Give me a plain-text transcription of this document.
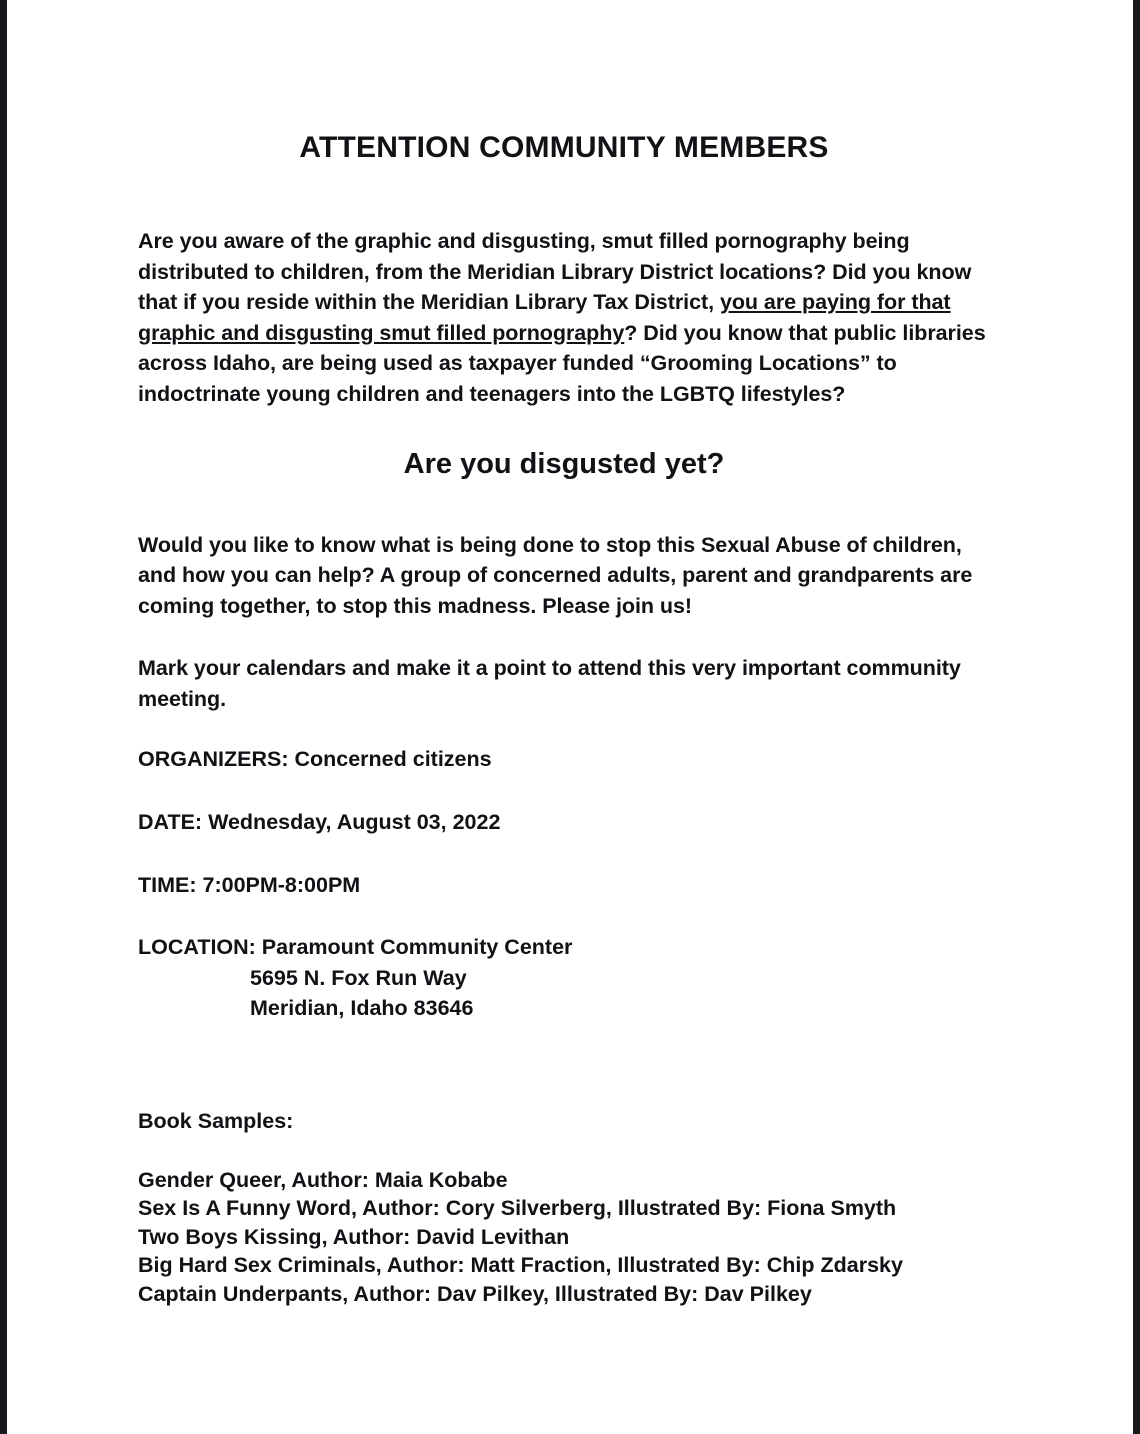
ATTENTION COMMUNITY MEMBERS

Are you aware of the graphic and disgusting, smut filled pornography being distributed to children, from the Meridian Library District locations? Did you know that if you reside within the Meridian Library Tax District, you are paying for that graphic and disgusting smut filled pornography? Did you know that public libraries across Idaho, are being used as taxpayer funded “Grooming Locations” to indoctrinate young children and teenagers into the LGBTQ lifestyles?

Are you disgusted yet?

Would you like to know what is being done to stop this Sexual Abuse of children, and how you can help? A group of concerned adults, parent and grandparents are coming together, to stop this madness. Please join us!

Mark your calendars and make it a point to attend this very important community meeting.

ORGANIZERS: Concerned citizens

DATE: Wednesday, August 03, 2022

TIME: 7:00PM-8:00PM

LOCATION: Paramount Community Center

5695 N. Fox Run Way

Meridian, Idaho 83646

Book Samples:

Gender Queer, Author: Maia Kobabe
Sex Is A Funny Word, Author: Cory Silverberg, Illustrated By: Fiona Smyth
Two Boys Kissing, Author: David Levithan
Big Hard Sex Criminals, Author: Matt Fraction, Illustrated By: Chip Zdarsky
Captain Underpants, Author: Dav Pilkey, Illustrated By: Dav Pilkey
